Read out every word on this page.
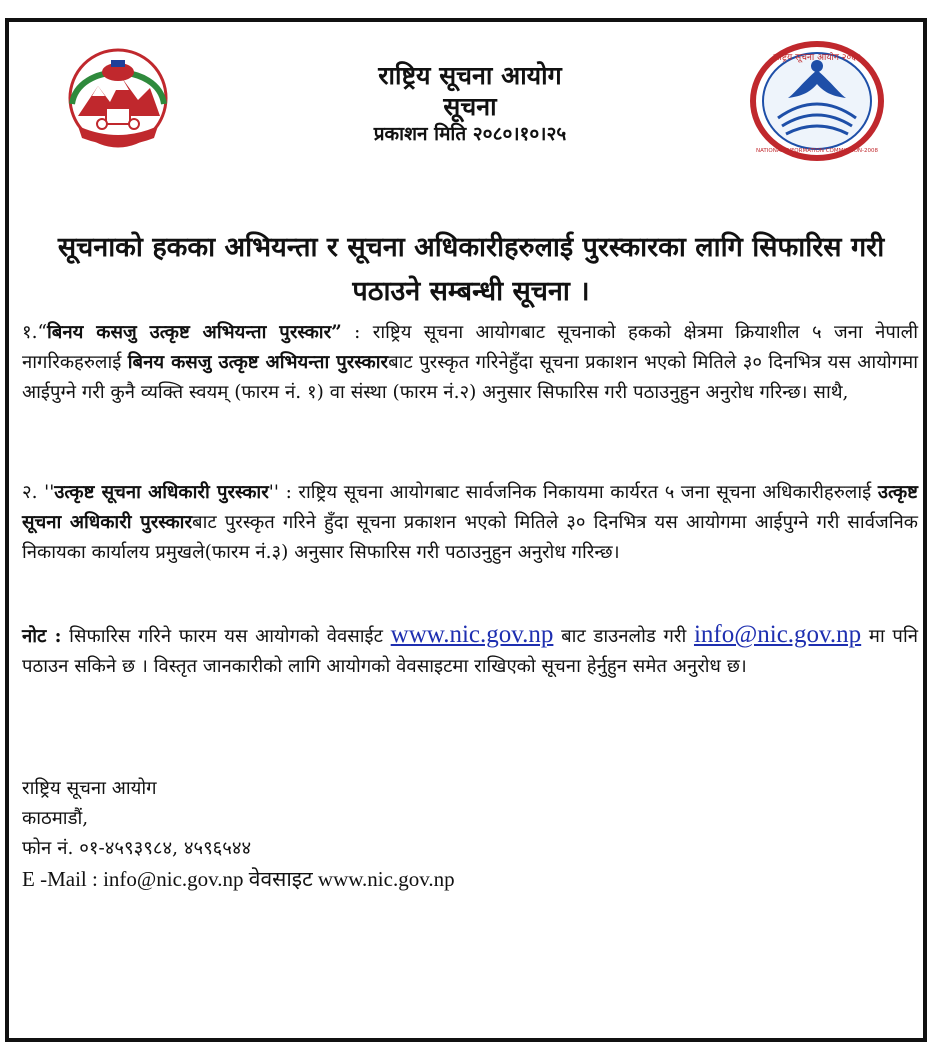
राष्ट्रिय सूचना आयोग २०६४
NATIONAL INFORMATION COMMISSION-2008
राष्ट्रिय सूचना आयोग
सूचना
प्रकाशन मिति २०८०।१०।२५
सूचनाको हकका अभियन्ता र सूचना अधिकारीहरुलाई पुरस्कारका लागि सिफारिस गरी पठाउने सम्बन्धी सूचना ।
१.“बिनय कसजु उत्कृष्ट अभियन्ता पुरस्कार” : राष्ट्रिय सूचना आयोगबाट सूचनाको हकको क्षेत्रमा क्रियाशील ५ जना नेपाली नागरिकहरुलाई बिनय कसजु उत्कृष्ट अभियन्ता पुरस्कारबाट पुरस्कृत गरिनेहुँदा सूचना प्रकाशन भएको मितिले ३० दिनभित्र यस आयोगमा आईपुग्ने गरी कुनै व्यक्ति स्वयम् (फारम नं. १) वा संस्था (फारम नं.२) अनुसार सिफारिस गरी पठाउनुहुन अनुरोध गरिन्छ। साथै,
२. ''उत्कृष्ट सूचना अधिकारी पुरस्कार'' : राष्ट्रिय सूचना आयोगबाट सार्वजनिक निकायमा कार्यरत ५ जना सूचना अधिकारीहरुलाई उत्कृष्ट सूचना अधिकारी पुरस्कारबाट पुरस्कृत गरिने हुँदा सूचना प्रकाशन भएको मितिले ३० दिनभित्र यस आयोगमा आईपुग्ने गरी सार्वजनिक निकायका कार्यालय प्रमुखले(फारम नं.३) अनुसार सिफारिस गरी पठाउनुहुन अनुरोध गरिन्छ।
नोट : सिफारिस गरिने फारम यस आयोगको वेवसाईट www.nic.gov.np बाट डाउनलोड गरी info@nic.gov.np मा पनि पठाउन सकिने छ । विस्तृत जानकारीको लागि आयोगको वेवसाइटमा राखिएको सूचना हेर्नुहुन समेत अनुरोध छ।
राष्ट्रिय सूचना आयोग
काठमाडौं,
फोन नं. ०१-४५९३९८४, ४५९६५४४
E -Mail : info@nic.gov.np वेवसाइट www.nic.gov.np
